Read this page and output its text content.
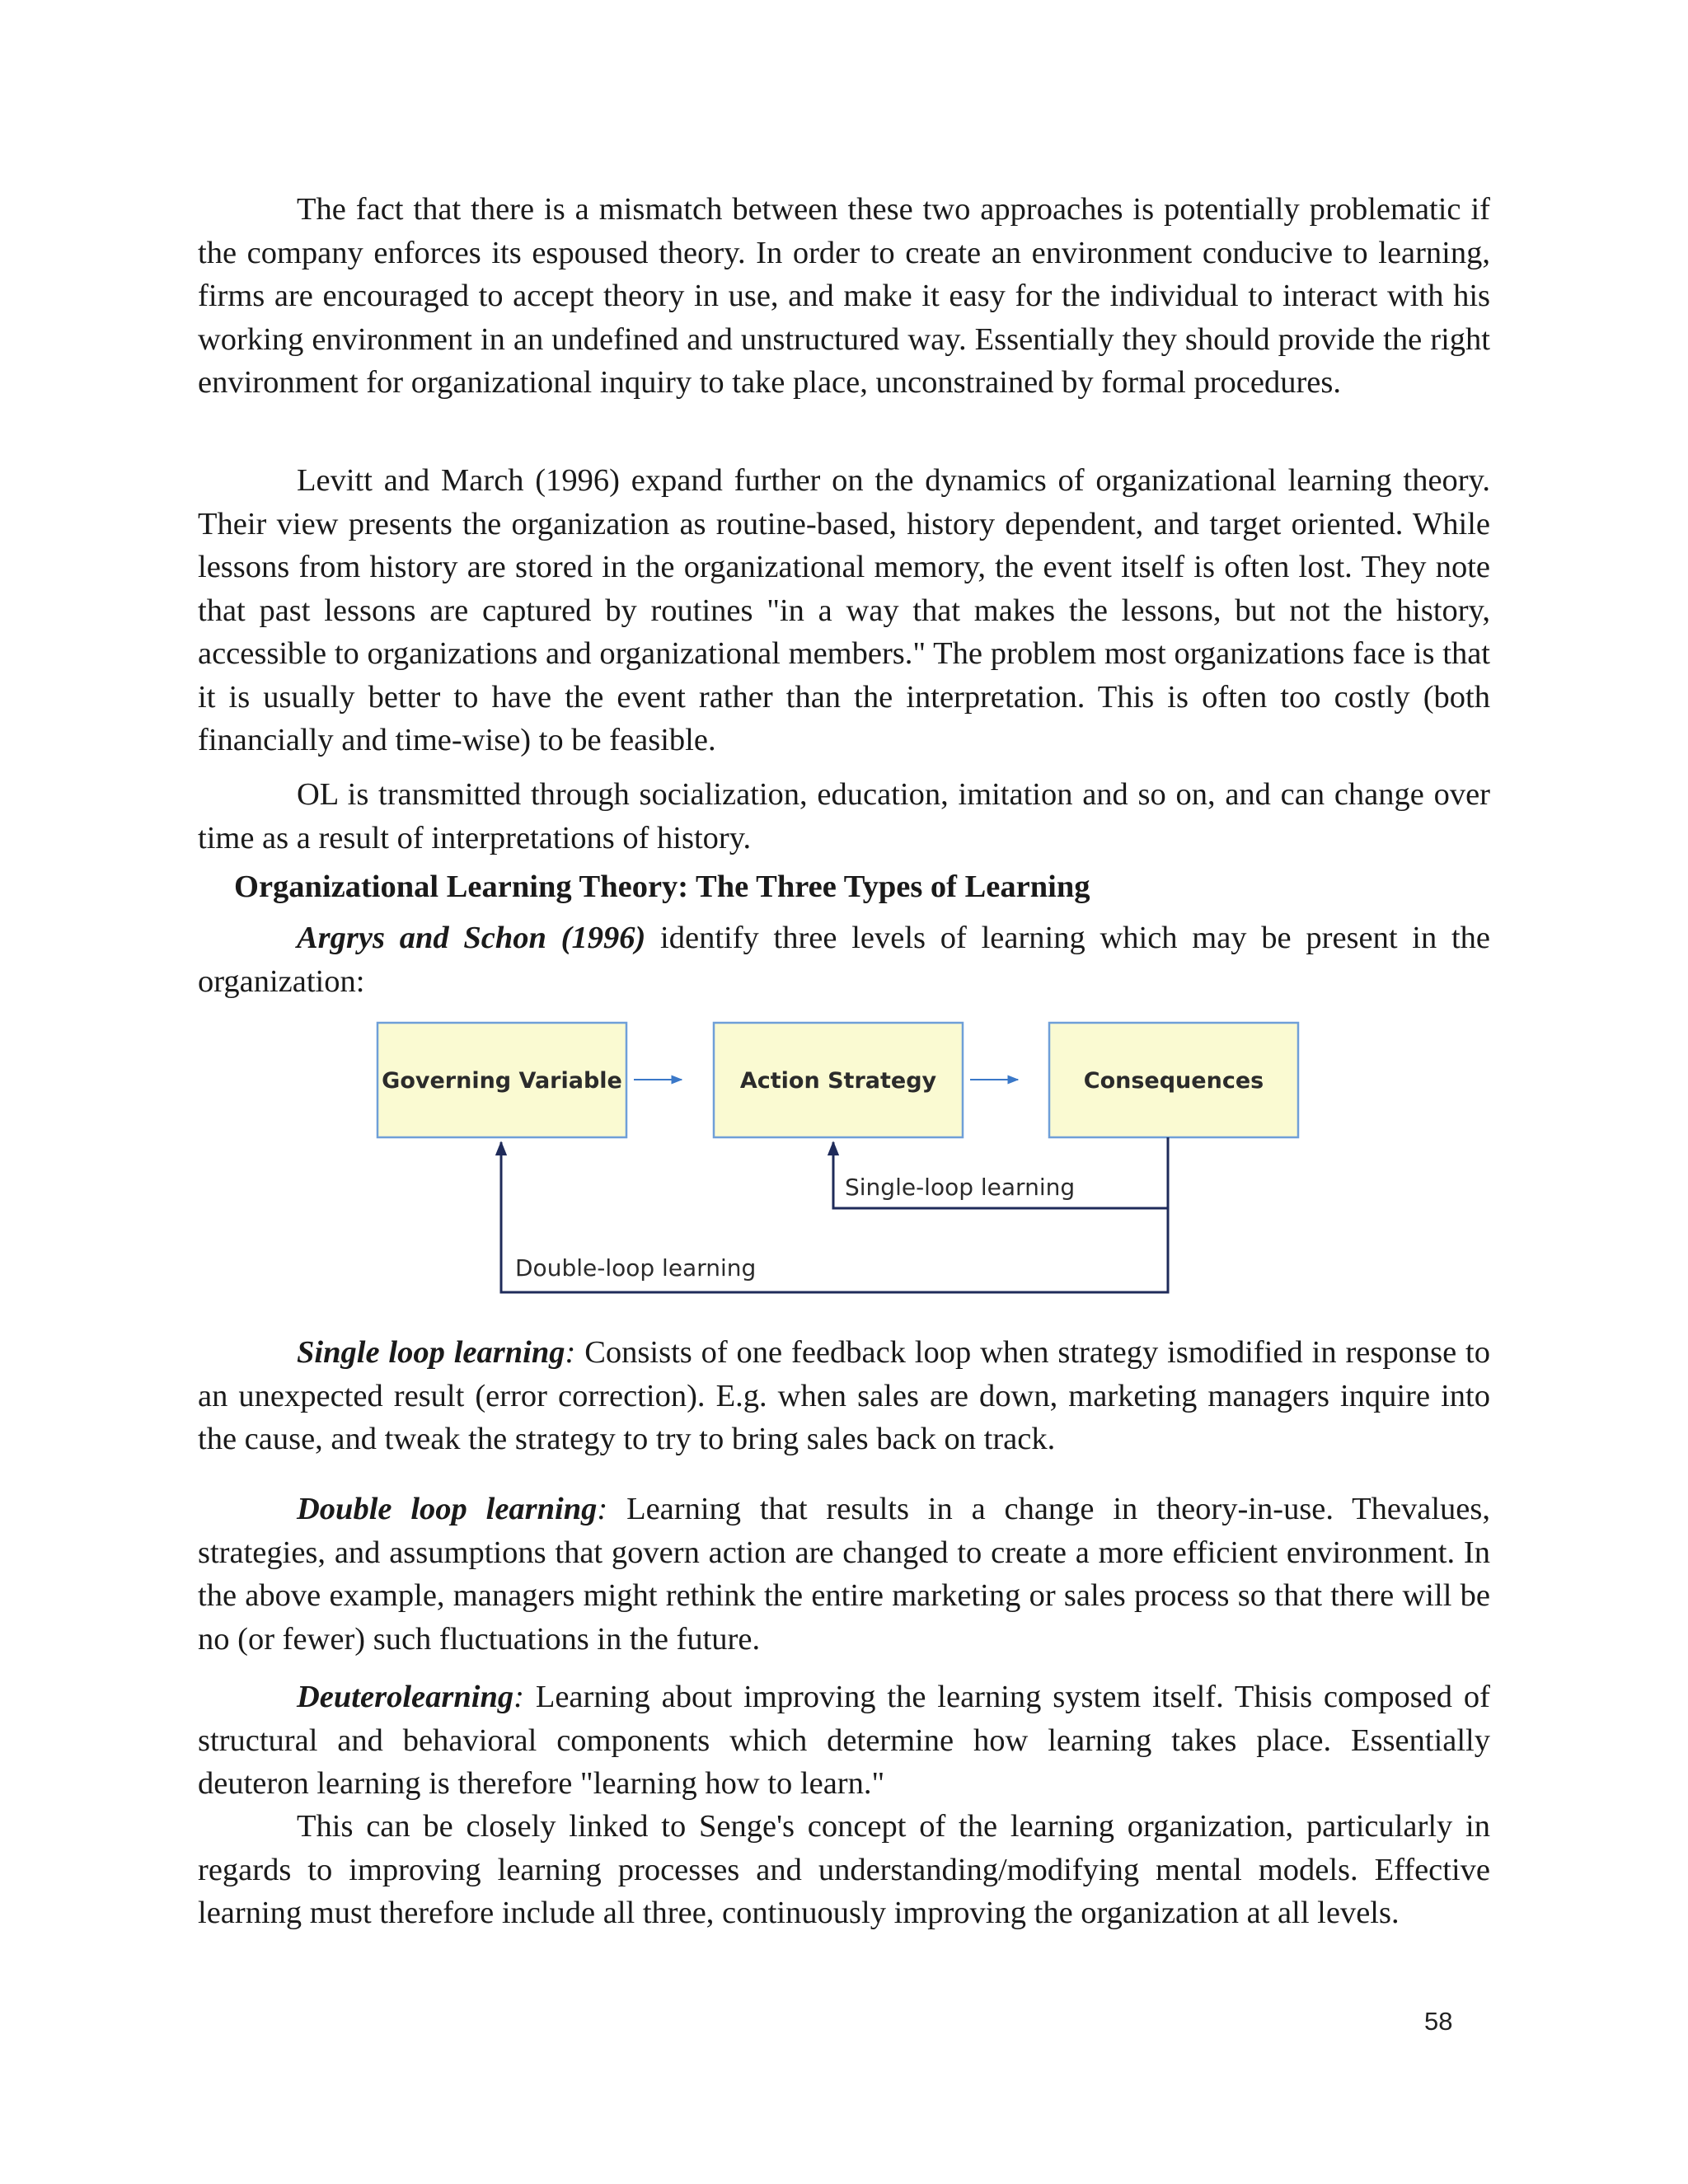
The fact that there is a mismatch between these two approaches is potentially problematic if the company enforces its espoused theory. In order to create an environment conducive to learning, firms are encouraged to accept theory in use, and make it easy for the individual to interact with his working environment in an undefined and unstructured way. Essentially they should provide the right environment for organizational inquiry to take place, unconstrained by formal procedures.

Levitt and March (1996) expand further on the dynamics of organizational learning theory. Their view presents the organization as routine-based, history dependent, and target oriented. While lessons from history are stored in the organizational memory, the event itself is often lost. They note that past lessons are captured by routines "in a way that makes the lessons, but not the history, accessible to organizations and organizational members." The problem most organizations face is that it is usually better to have the event rather than the interpretation. This is often too costly (both financially and time-wise) to be feasible.

OL is transmitted through socialization, education, imitation and so on, and can change over time as a result of interpretations of history.

Organizational Learning Theory: The Three Types of Learning

Argrys and Schon (1996) identify three levels of learning which may be present in the organization:

Governing Variable	Action Strategy	Consequences
Single-loop learning
Double-loop learning

Single loop learning: Consists of one feedback loop when strategy ismodified in response to an unexpected result (error correction). E.g. when sales are down, marketing managers inquire into the cause, and tweak the strategy to try to bring sales back on track.

Double loop learning: Learning that results in a change in theory-in-use. Thevalues, strategies, and assumptions that govern action are changed to create a more efficient environment. In the above example, managers might rethink the entire marketing or sales process so that there will be no (or fewer) such fluctuations in the future.

Deuterolearning: Learning about improving the learning system itself. Thisis composed of structural and behavioral components which determine how learning takes place. Essentially deuteron learning is therefore "learning how to learn."

This can be closely linked to Senge's concept of the learning organization, particularly in regards to improving learning processes and understanding/modifying mental models. Effective learning must therefore include all three, continuously improving the organization at all levels.

58
